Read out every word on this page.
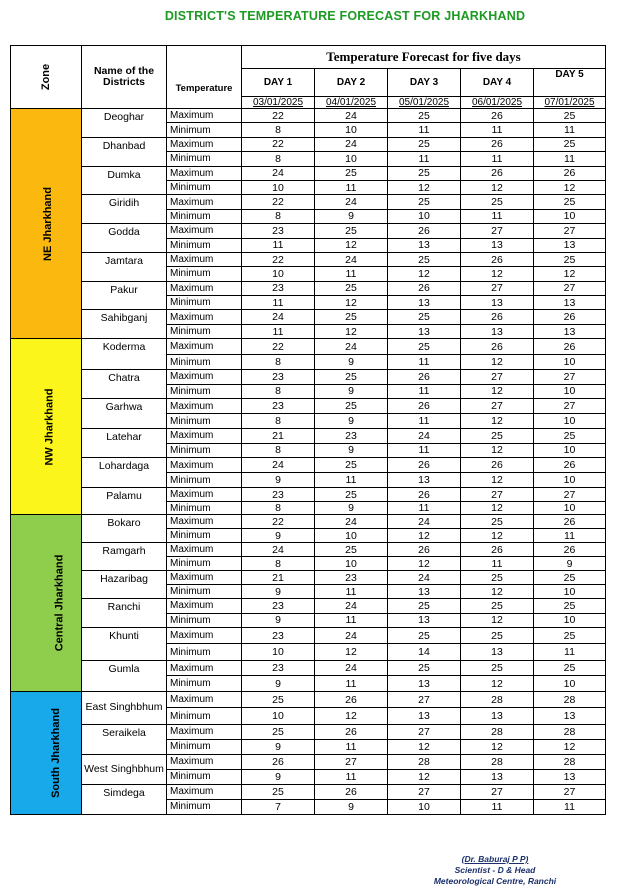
DISTRICT'S TEMPERATURE FORECAST FOR JHARKHAND
Zone	Name of the Districts	Temperature	Temperature Forecast for five days				
			DAY 1	DAY 2	DAY 3	DAY 4	DAY 5
			03/01/2025	04/01/2025	05/01/2025	06/01/2025	07/01/2025
NE Jharkhand	Deoghar	Maximum	22	24	25	26	25
		Minimum	8	10	11	11	11
	Dhanbad	Maximum	22	24	25	26	25
		Minimum	8	10	11	11	11
	Dumka	Maximum	24	25	25	26	26
		Minimum	10	11	12	12	12
	Giridih	Maximum	22	24	25	25	25
		Minimum	8	9	10	11	10
	Godda	Maximum	23	25	26	27	27
		Minimum	11	12	13	13	13
	Jamtara	Maximum	22	24	25	26	25
		Minimum	10	11	12	12	12
	Pakur	Maximum	23	25	26	27	27
		Minimum	11	12	13	13	13
	Sahibganj	Maximum	24	25	25	26	26
		Minimum	11	12	13	13	13
NW Jharkhand	Koderma	Maximum	22	24	25	26	26
		Minimum	8	9	11	12	10
	Chatra	Maximum	23	25	26	27	27
		Minimum	8	9	11	12	10
	Garhwa	Maximum	23	25	26	27	27
		Minimum	8	9	11	12	10
	Latehar	Maximum	21	23	24	25	25
		Minimum	8	9	11	12	10
	Lohardaga	Maximum	24	25	26	26	26
		Minimum	9	11	13	12	10
	Palamu	Maximum	23	25	26	27	27
		Minimum	8	9	11	12	10
Central Jharkhand	Bokaro	Maximum	22	24	24	25	26
		Minimum	9	10	12	12	11
	Ramgarh	Maximum	24	25	26	26	26
		Minimum	8	10	12	11	9
	Hazaribag	Maximum	21	23	24	25	25
		Minimum	9	11	13	12	10
	Ranchi	Maximum	23	24	25	25	25
		Minimum	9	11	13	12	10
	Khunti	Maximum	23	24	25	25	25
		Minimum	10	12	14	13	11
	Gumla	Maximum	23	24	25	25	25
		Minimum	9	11	13	12	10
South Jharkhand	East Singhbhum	Maximum	25	26	27	28	28
		Minimum	10	12	13	13	13
	Seraikela	Maximum	25	26	27	28	28
		Minimum	9	11	12	12	12
	West Singhbhum	Maximum	26	27	28	28	28
		Minimum	9	11	12	13	13
	Simdega	Maximum	25	26	27	27	27
		Minimum	7	9	10	11	11
(Dr. Baburaj P P)
Scientist - D & Head
Meteorological Centre, Ranchi
